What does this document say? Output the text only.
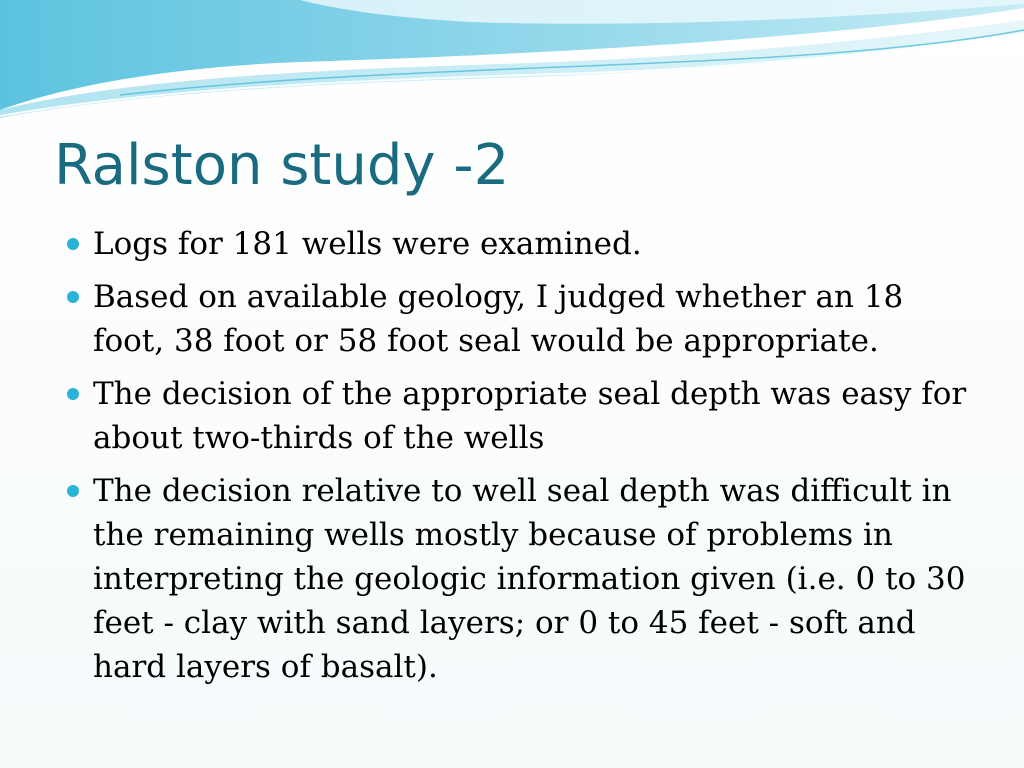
Ralston study -2
Logs for 181 wells were examined.
Based on available geology, I judged whether an 18 foot, 38 foot or 58 foot seal would be appropriate.
The decision of the appropriate seal depth was easy for about two-thirds of the wells
The decision relative to well seal depth was difficult in the remaining wells mostly because of problems in interpreting the geologic information given (i.e. 0 to 30 feet - clay with sand layers; or 0 to 45 feet - soft and hard layers of basalt).
